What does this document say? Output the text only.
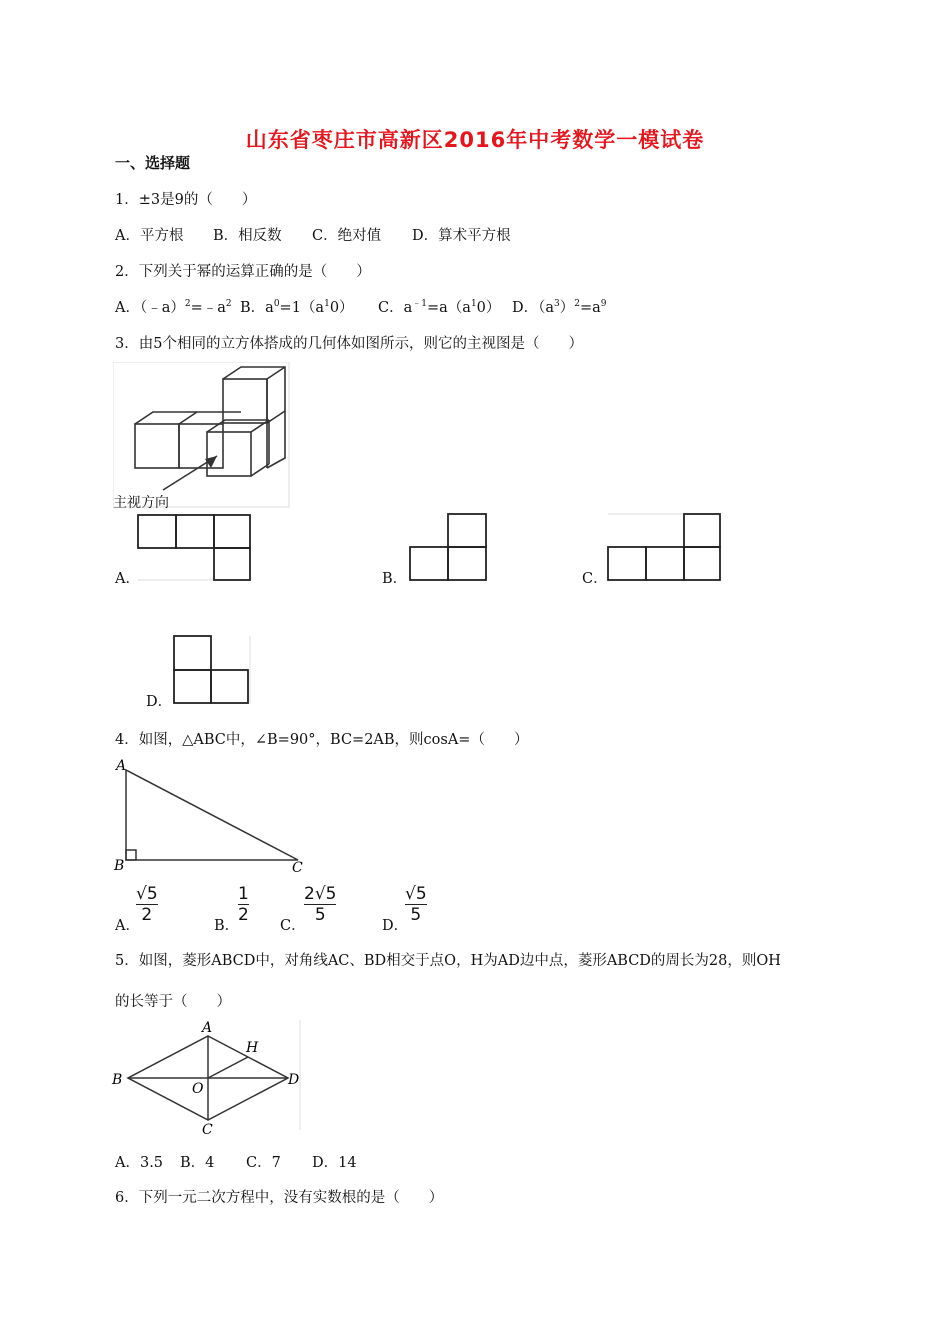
山东省枣庄市高新区2016年中考数学一模试卷
一、选择题
1．±3是9的（　　）
A．平方根 B．相反数 C．绝对值 D．算术平方根
2．下列关于幂的运算正确的是（　　）
A．$(﹣a)^2=﹣a^2$ B．$a^0=1(a^10)$ C．$a^{﹣1}=a(a^10)$ D．$(a^3)^2=a^9$
3．由5个相同的立方体搭成的几何体如图所示，则它的主视图是（　　）
主视方向
A．	B．	C．
D．
4．如图，△ABC中，∠B=90°，BC=2AB，则cosA=（　　）
A
B	C
A．
√5
2
B．
1
2
C．
2√5
5
D．
√5
5
5．如图，菱形ABCD中，对角线AC、BD相交于点O，H为AD边中点，菱形ABCD的周长为28，则OH
的长等于（　　）
A
B
C
D
H
O
A．3.5 B．4 C．7 D．14
6．下列一元二次方程中，没有实数根的是（　　）
